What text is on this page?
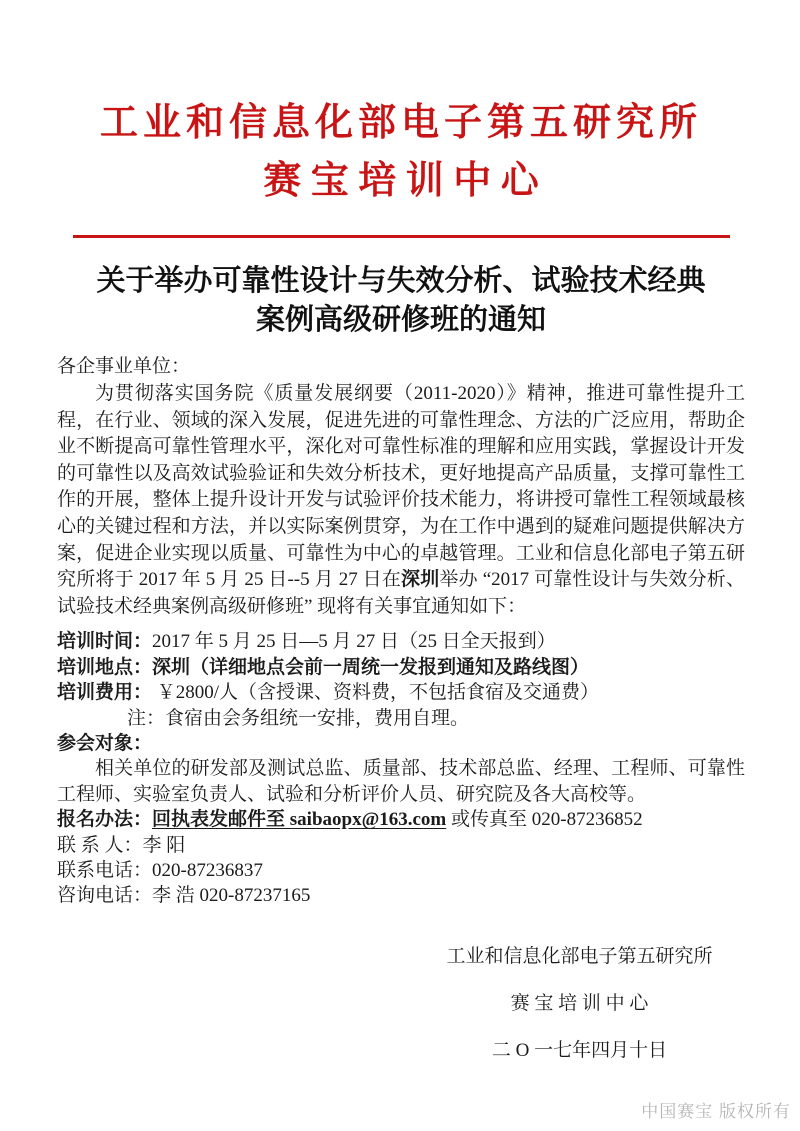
工业和信息化部电子第五研究所
赛 宝 培 训 中 心
关于举办可靠性设计与失效分析、试验技术经典
案例高级研修班的通知
各企事业单位：

为贯彻落实国务院《质量发展纲要（2011-2020）》精神，推进可靠性提升工程，在行业、领域的深入发展，促进先进的可靠性理念、方法的广泛应用，帮助企业不断提高可靠性管理水平，深化对可靠性标准的理解和应用实践，掌握设计开发的可靠性以及高效试验验证和失效分析技术，更好地提高产品质量，支撑可靠性工作的开展，整体上提升设计开发与试验评价技术能力，将讲授可靠性工程领域最核心的关键过程和方法，并以实际案例贯穿，为在工作中遇到的疑难问题提供解决方案，促进企业实现以质量、可靠性为中心的卓越管理。工业和信息化部电子第五研究所将于 2017 年 5 月 25 日--5 月 27 日在深圳举办 “2017 可靠性设计与失效分析、试验技术经典案例高级研修班” 现将有关事宜通知如下：

培训时间：2017 年 5 月 25 日—5 月 27 日（25 日全天报到）
培训地点：深圳（详细地点会前一周统一发报到通知及路线图）
培训费用： ￥2800/人（含授课、资料费，不包括食宿及交通费）
注：食宿由会务组统一安排，费用自理。
参会对象：

相关单位的研发部及测试总监、质量部、技术部总监、经理、工程师、可靠性工程师、实验室负责人、试验和分析评价人员、研究院及各大高校等。

报名办法：回执表发邮件至 saibaopx@163.com 或传真至 020-87236852
联 系 人：李 阳
联系电话：020-87236837
咨询电话：李 浩 020-87237165
工业和信息化部电子第五研究所
赛 宝 培 训 中 心
二 O 一七年四月十日
中国赛宝 版权所有
